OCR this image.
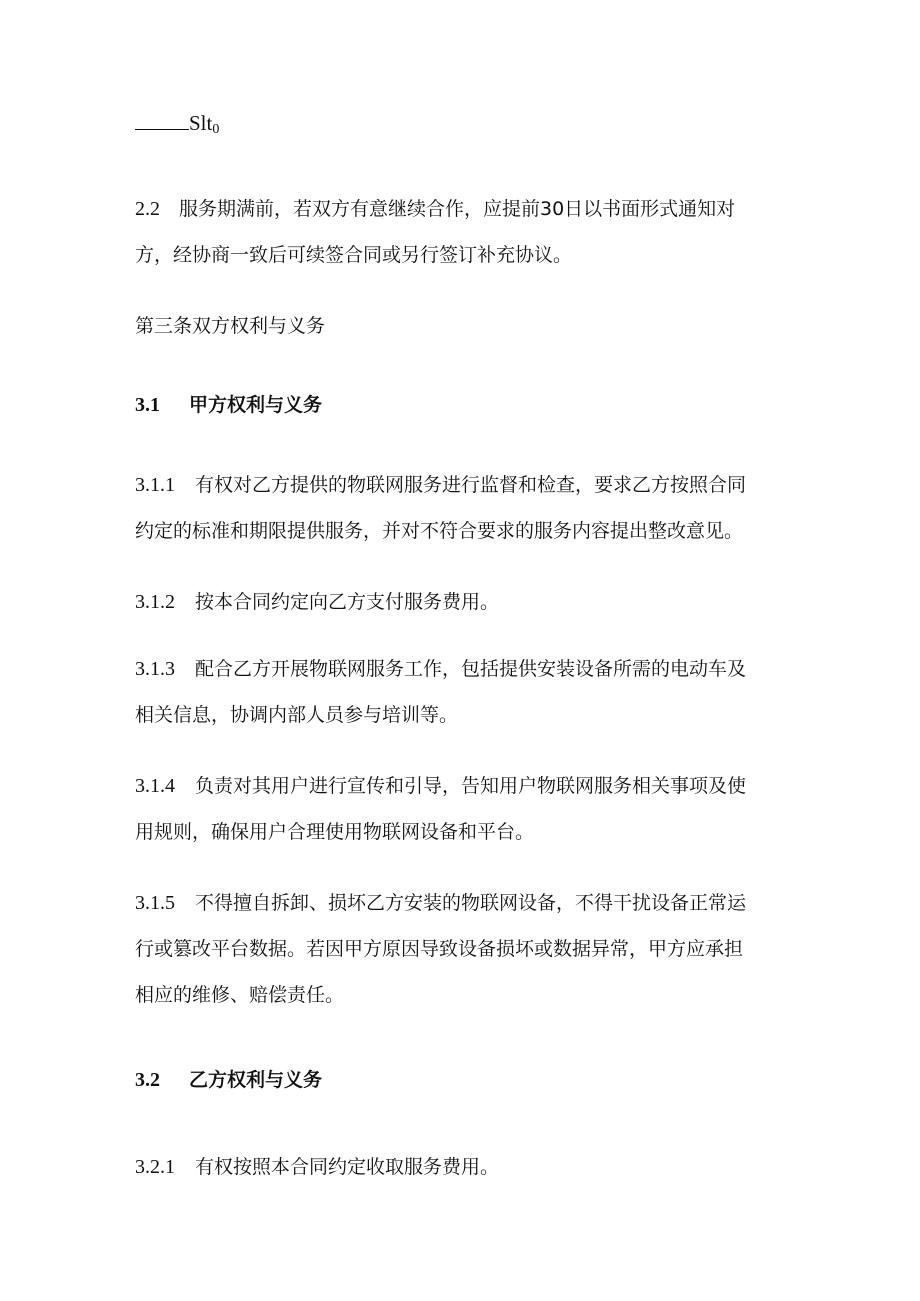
Slt$_0$
2.2 服务期满前，若双方有意继续合作，应提前30日以书面形式通知对
方，经协商一致后可续签合同或另行签订补充协议。
第三条双方权利与义务
3.1 甲方权利与义务
3.1.1 有权对乙方提供的物联网服务进行监督和检查，要求乙方按照合同
约定的标准和期限提供服务，并对不符合要求的服务内容提出整改意见。
3.1.2 按本合同约定向乙方支付服务费用。
3.1.3 配合乙方开展物联网服务工作，包括提供安装设备所需的电动车及
相关信息，协调内部人员参与培训等。
3.1.4 负责对其用户进行宣传和引导，告知用户物联网服务相关事项及使
用规则，确保用户合理使用物联网设备和平台。
3.1.5 不得擅自拆卸、损坏乙方安装的物联网设备，不得干扰设备正常运
行或篡改平台数据。若因甲方原因导致设备损坏或数据异常，甲方应承担
相应的维修、赔偿责任。
3.2 乙方权利与义务
3.2.1 有权按照本合同约定收取服务费用。
